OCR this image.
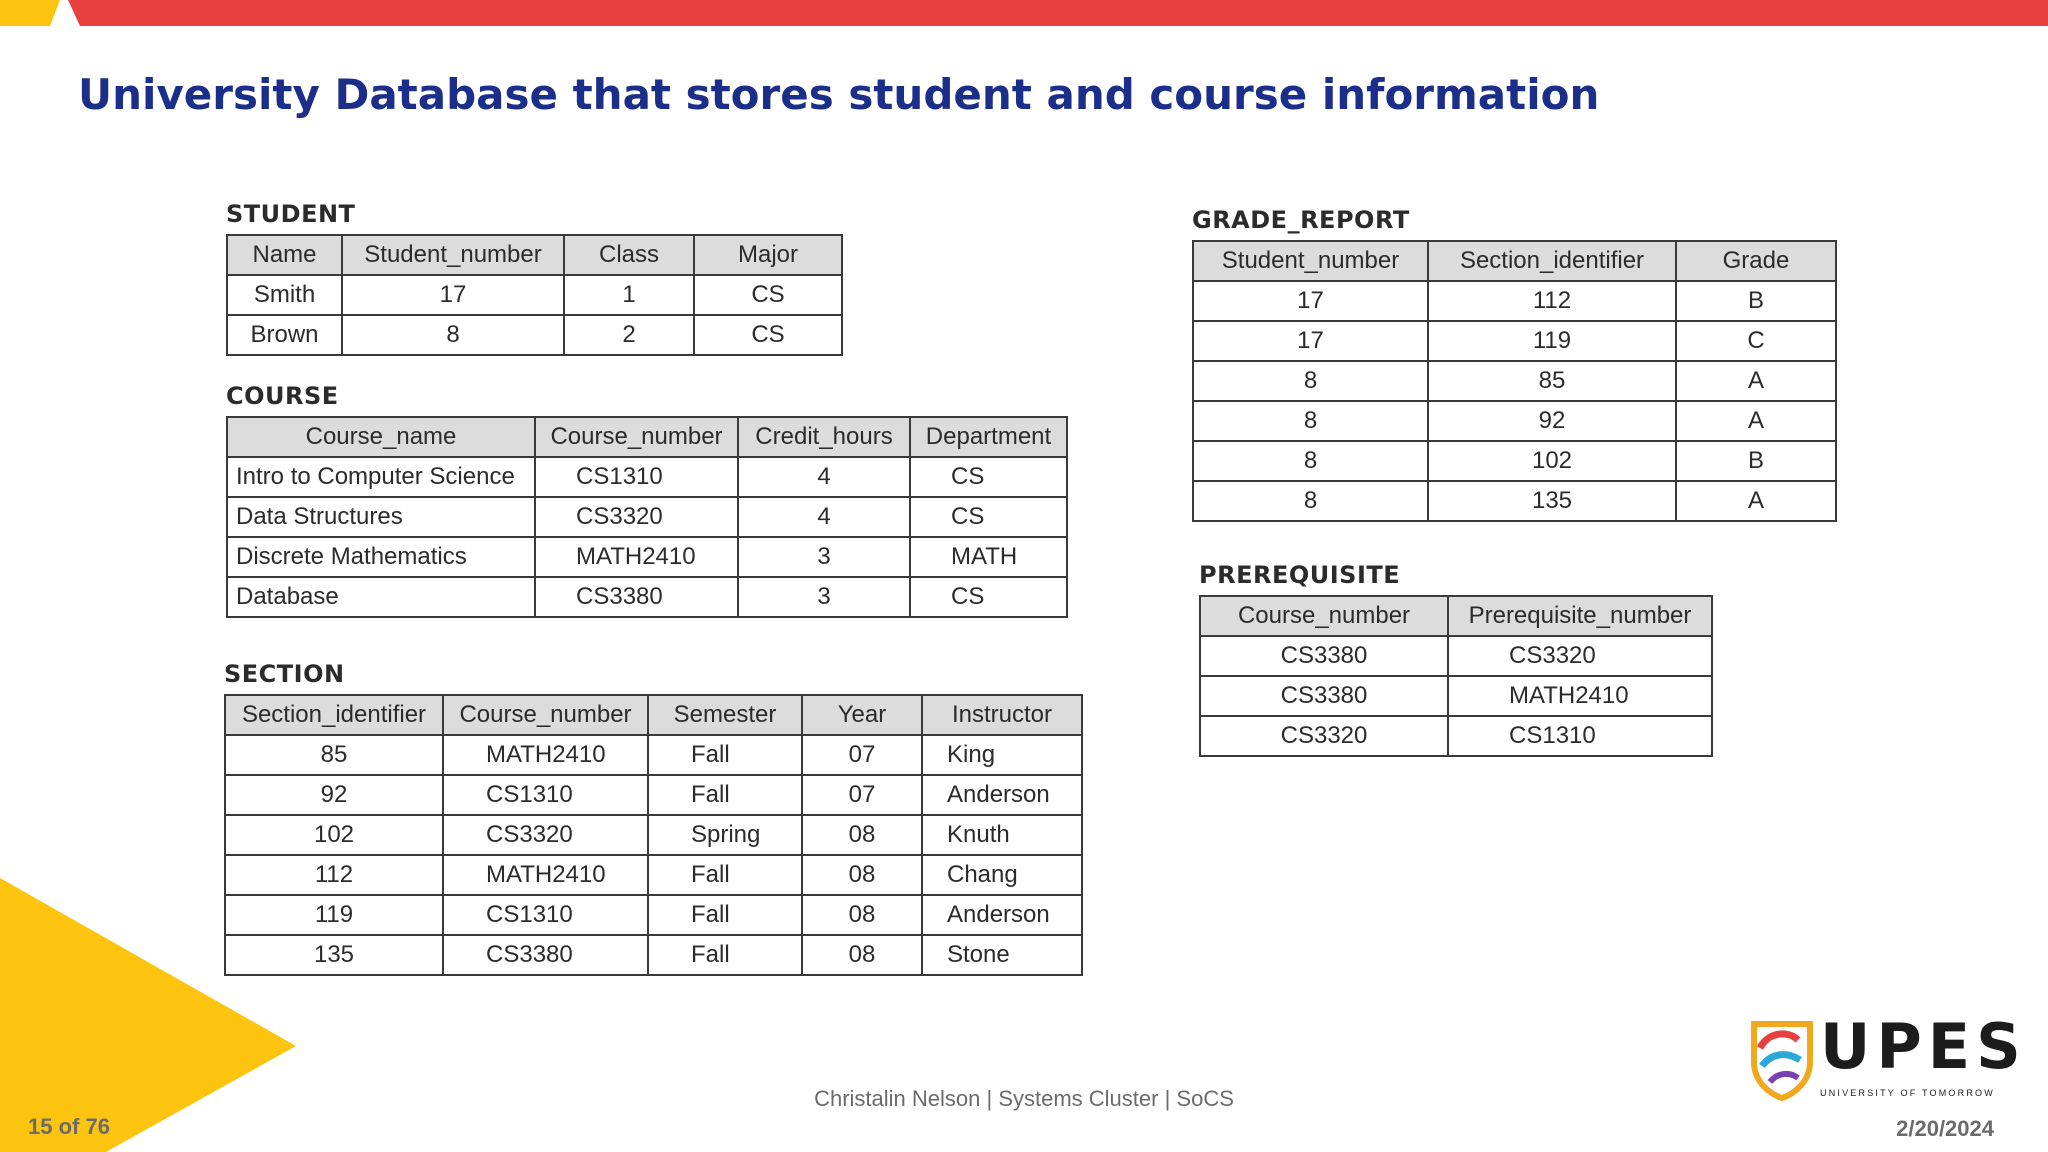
University Database that stores student and course information
STUDENT
Name	Student_number	Class	Major
Smith	17	1	CS
Brown	8	2	CS
COURSE
Course_name	Course_number	Credit_hours	Department
Intro to Computer Science	CS1310	4	CS
Data Structures	CS3320	4	CS
Discrete Mathematics	MATH2410	3	MATH
Database	CS3380	3	CS
SECTION
Section_identifier	Course_number	Semester	Year	Instructor
85	MATH2410	Fall	07	King
92	CS1310	Fall	07	Anderson
102	CS3320	Spring	08	Knuth
112	MATH2410	Fall	08	Chang
119	CS1310	Fall	08	Anderson
135	CS3380	Fall	08	Stone
GRADE_REPORT
Student_number	Section_identifier	Grade
17	112	B
17	119	C
8	85	A
8	92	A
8	102	B
8	135	A
PREREQUISITE
Course_number	Prerequisite_number
CS3380	CS3320
CS3380	MATH2410
CS3320	CS1310
15 of 76
Christalin Nelson | Systems Cluster | SoCS
2/20/2024
UPES
UNIVERSITY OF TOMORROW
